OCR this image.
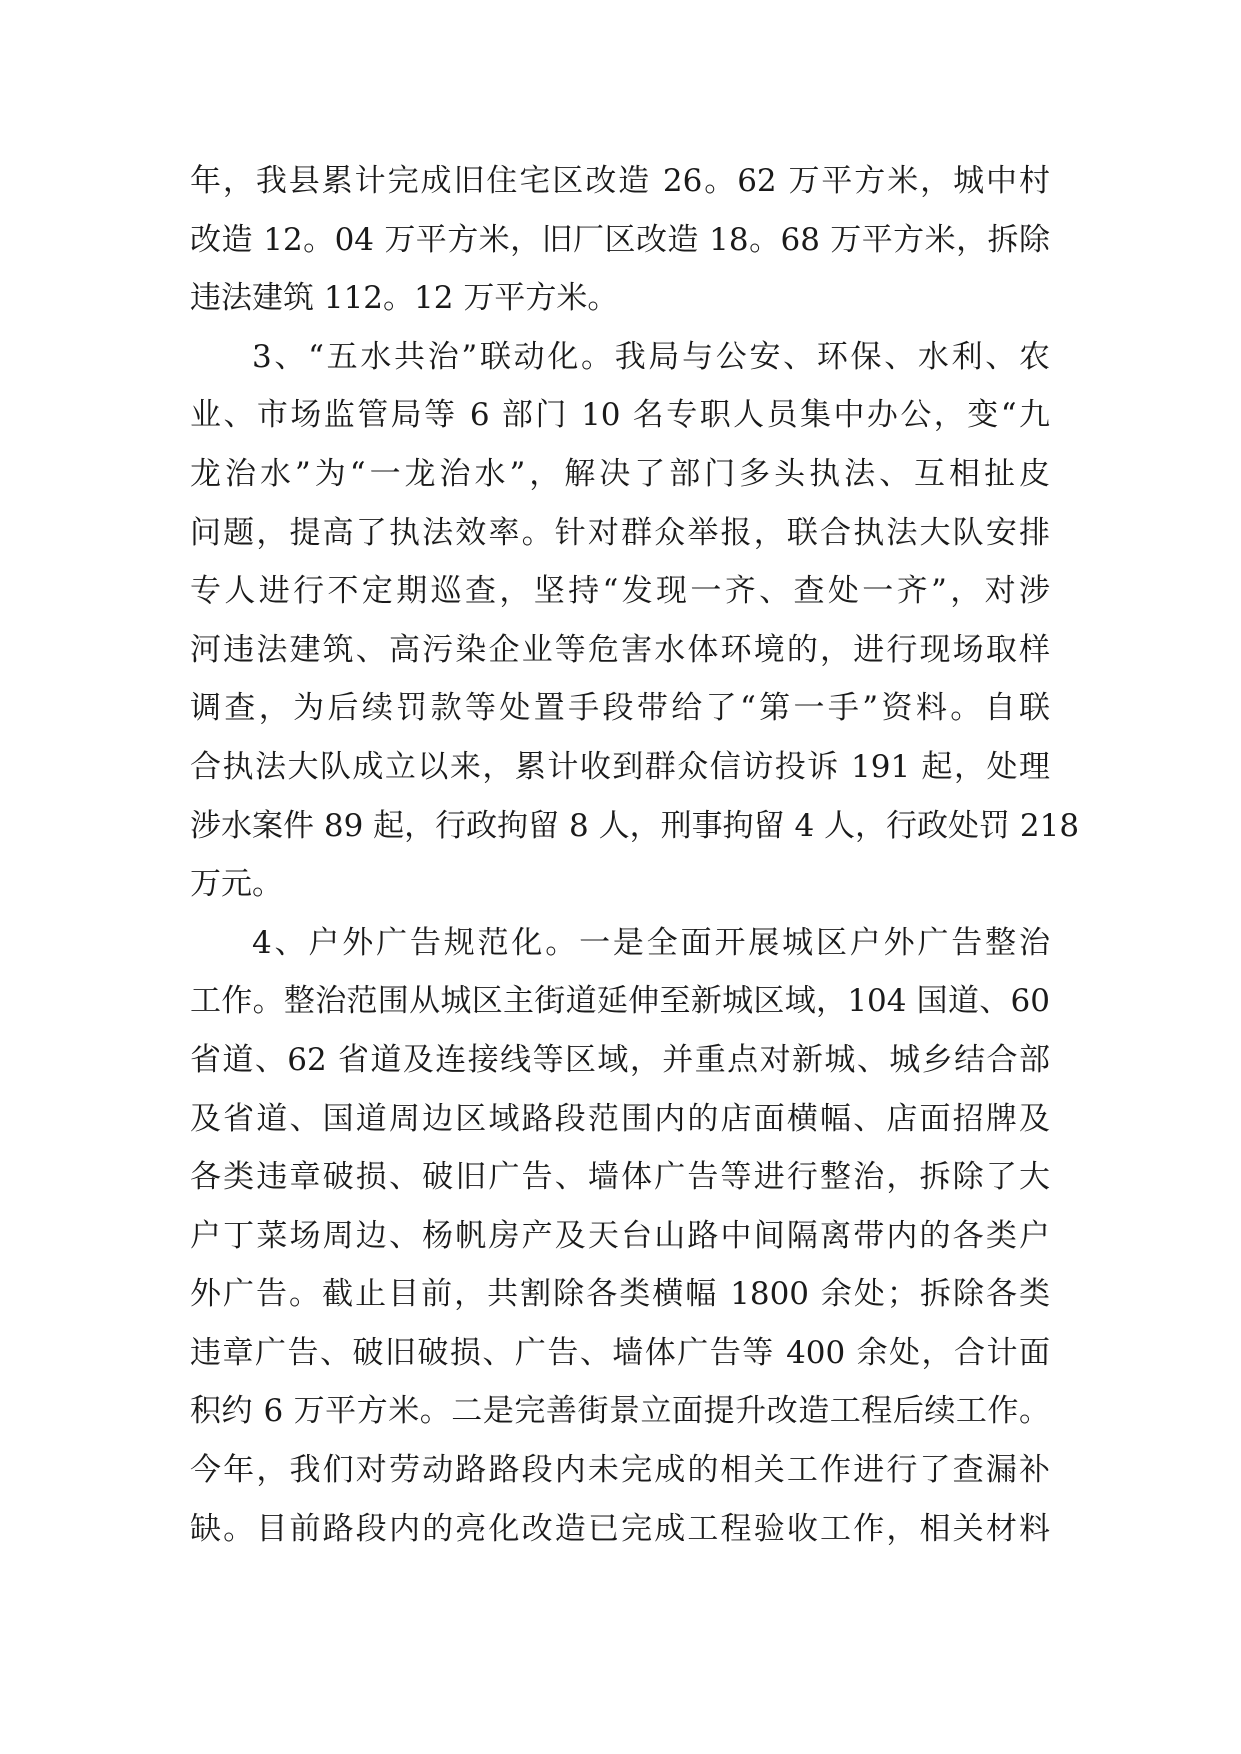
年，我县累计完成旧住宅区改造 26。62 万平方米，城中村
改造 12。04 万平方米，旧厂区改造 18。68 万平方米，拆除
违法建筑 112。12 万平方米。
3、“五水共治”联动化。我局与公安、环保、水利、农
业、市场监管局等 6 部门 10 名专职人员集中办公，变“九
龙治水”为“一龙治水”，解决了部门多头执法、互相扯皮
问题，提高了执法效率。针对群众举报，联合执法大队安排
专人进行不定期巡查，坚持“发现一齐、查处一齐”，对涉
河违法建筑、高污染企业等危害水体环境的，进行现场取样
调查，为后续罚款等处置手段带给了“第一手”资料。自联
合执法大队成立以来，累计收到群众信访投诉 191 起，处理
涉水案件 89 起，行政拘留 8 人，刑事拘留 4 人，行政处罚 218
万元。
4、户外广告规范化。一是全面开展城区户外广告整治
工作。整治范围从城区主街道延伸至新城区域，104 国道、60
省道、62 省道及连接线等区域，并重点对新城、城乡结合部
及省道、国道周边区域路段范围内的店面横幅、店面招牌及
各类违章破损、破旧广告、墙体广告等进行整治，拆除了大
户丁菜场周边、杨帆房产及天台山路中间隔离带内的各类户
外广告。截止目前，共割除各类横幅 1800 余处；拆除各类
违章广告、破旧破损、广告、墙体广告等 400 余处，合计面
积约 6 万平方米。二是完善街景立面提升改造工程后续工作。
今年，我们对劳动路路段内未完成的相关工作进行了查漏补
缺。目前路段内的亮化改造已完成工程验收工作，相关材料
